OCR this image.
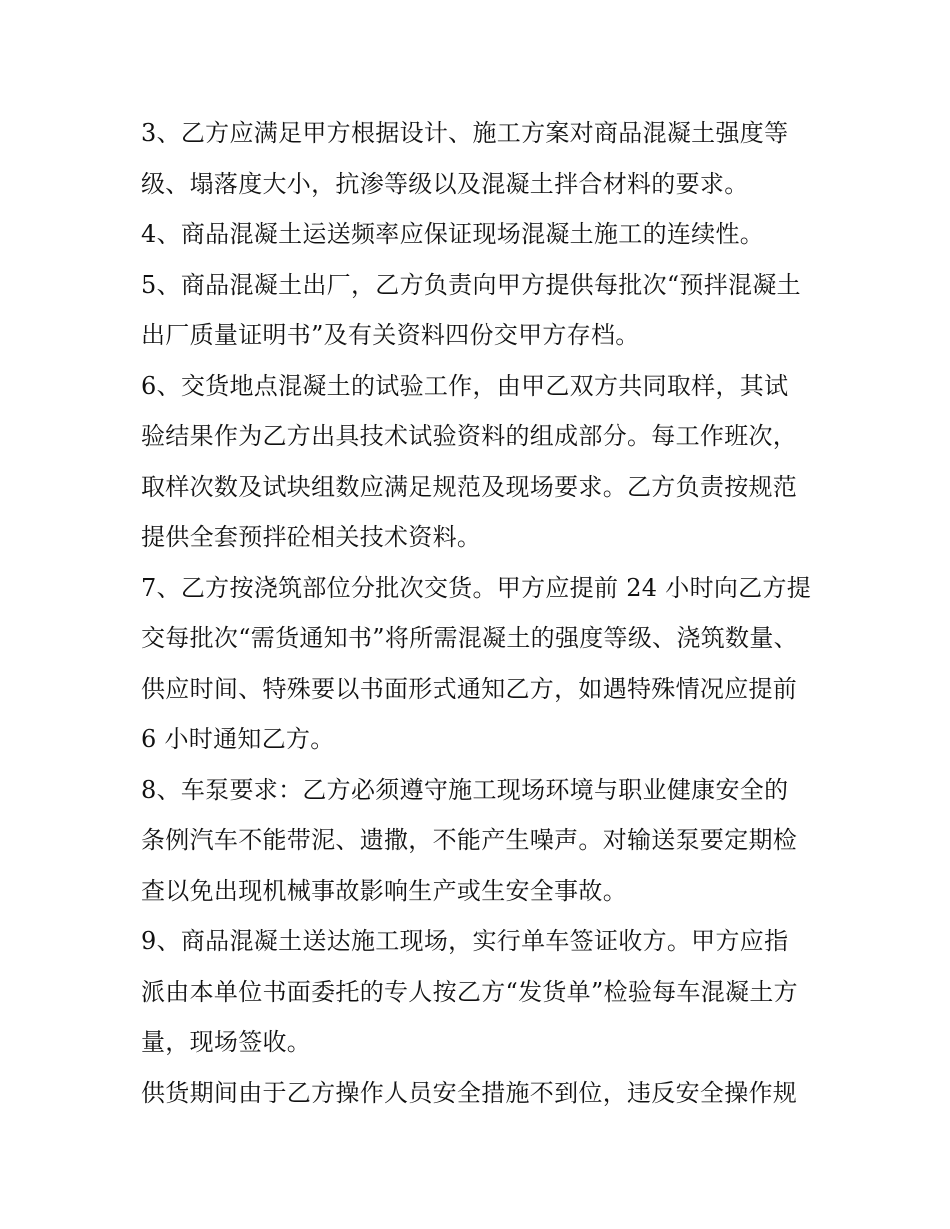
3、乙方应满足甲方根据设计、施工方案对商品混凝土强度等
级、塌落度大小，抗渗等级以及混凝土拌合材料的要求。
4、商品混凝土运送频率应保证现场混凝土施工的连续性。
5、商品混凝土出厂，乙方负责向甲方提供每批次“预拌混凝土
出厂质量证明书”及有关资料四份交甲方存档。
6、交货地点混凝土的试验工作，由甲乙双方共同取样，其试
验结果作为乙方出具技术试验资料的组成部分。每工作班次，
取样次数及试块组数应满足规范及现场要求。乙方负责按规范
提供全套预拌砼相关技术资料。
7、乙方按浇筑部位分批次交货。甲方应提前 24 小时向乙方提
交每批次“需货通知书”将所需混凝土的强度等级、浇筑数量、
供应时间、特殊要以书面形式通知乙方，如遇特殊情况应提前
6 小时通知乙方。
8、车泵要求：乙方必须遵守施工现场环境与职业健康安全的
条例汽车不能带泥、遗撒，不能产生噪声。对输送泵要定期检
查以免出现机械事故影响生产或生安全事故。
9、商品混凝土送达施工现场，实行单车签证收方。甲方应指
派由本单位书面委托的专人按乙方“发货单”检验每车混凝土方
量，现场签收。
供货期间由于乙方操作人员安全措施不到位，违反安全操作规
